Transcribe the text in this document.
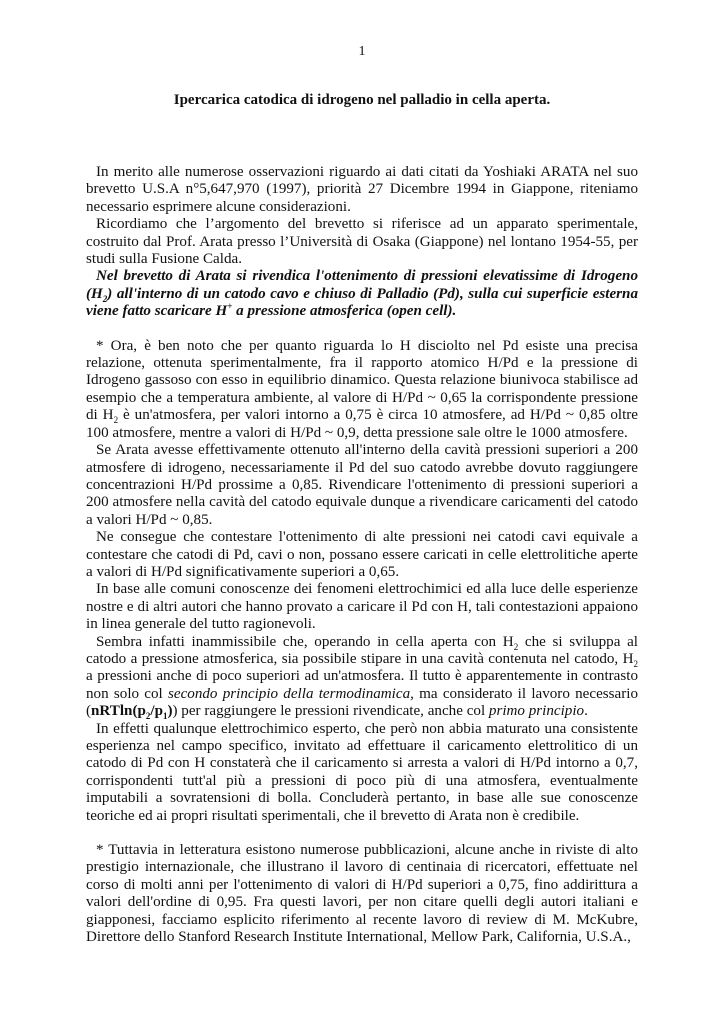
1
Ipercarica catodica di idrogeno nel palladio in cella aperta.

In merito alle numerose osservazioni riguardo ai dati citati da Yoshiaki ARATA nel suo brevetto U.S.A n°5,647,970 (1997), priorità 27 Dicembre 1994 in Giappone, riteniamo necessario esprimere alcune considerazioni.

Ricordiamo che l’argomento del brevetto si riferisce ad un apparato sperimentale, costruito dal Prof. Arata presso l’Università di Osaka (Giappone) nel lontano 1954-55, per studi sulla Fusione Calda.

Nel brevetto di Arata si rivendica l'ottenimento di pressioni elevatissime di Idrogeno $(H_2)$ all'interno di un catodo cavo e chiuso di Palladio (Pd), sulla cui superficie esterna viene fatto scaricare H+ a pressione atmosferica (open cell).

* Ora, è ben noto che per quanto riguarda lo H disciolto nel Pd esiste una precisa relazione, ottenuta sperimentalmente, fra il rapporto atomico H/Pd e la pressione di Idrogeno gassoso con esso in equilibrio dinamico. Questa relazione biunivoca stabilisce ad esempio che a temperatura ambiente, al valore di H/Pd ~ 0,65 la corrispondente pressione di $H_2$ è un'atmosfera, per valori intorno a 0,75 è circa 10 atmosfere, ad H/Pd ~ 0,85 oltre 100 atmosfere, mentre a valori di H/Pd ~ 0,9, detta pressione sale oltre le 1000 atmosfere.

Se Arata avesse effettivamente ottenuto all'interno della cavità pressioni superiori a 200 atmosfere di idrogeno, necessariamente il Pd del suo catodo avrebbe dovuto raggiungere concentrazioni H/Pd prossime a 0,85. Rivendicare l'ottenimento di pressioni superiori a 200 atmosfere nella cavità del catodo equivale dunque a rivendicare caricamenti del catodo a valori H/Pd ~ 0,85.

Ne consegue che contestare l'ottenimento di alte pressioni nei catodi cavi equivale a contestare che catodi di Pd, cavi o non, possano essere caricati in celle elettrolitiche aperte a valori di H/Pd significativamente superiori a 0,65.

In base alle comuni conoscenze dei fenomeni elettrochimici ed alla luce delle esperienze nostre e di altri autori che hanno provato a caricare il Pd con H, tali contestazioni appaiono in linea generale del tutto ragionevoli.

Sembra infatti inammissibile che, operando in cella aperta con $H_2$ che si sviluppa al catodo a pressione atmosferica, sia possibile stipare in una cavità contenuta nel catodo, $H_2$ a pressioni anche di poco superiori ad un'atmosfera. Il tutto è apparentemente in contrasto non solo col secondo principio della termodinamica, ma considerato il lavoro necessario $(nRTln(p_2/p_1))$ per raggiungere le pressioni rivendicate, anche col primo principio.

In effetti qualunque elettrochimico esperto, che però non abbia maturato una consistente esperienza nel campo specifico, invitato ad effettuare il caricamento elettrolitico di un catodo di Pd con H constaterà che il caricamento si arresta a valori di H/Pd intorno a 0,7, corrispondenti tutt'al più a pressioni di poco più di una atmosfera, eventualmente imputabili a sovratensioni di bolla. Concluderà pertanto, in base alle sue conoscenze teoriche ed ai propri risultati sperimentali, che il brevetto di Arata non è credibile.

* Tuttavia in letteratura esistono numerose pubblicazioni, alcune anche in riviste di alto prestigio internazionale, che illustrano il lavoro di centinaia di ricercatori, effettuate nel corso di molti anni per l'ottenimento di valori di H/Pd superiori a 0,75, fino addirittura a valori dell'ordine di 0,95. Fra questi lavori, per non citare quelli degli autori italiani e giapponesi, facciamo esplicito riferimento al recente lavoro di review di M. McKubre, Direttore dello Stanford Research Institute International, Mellow Park, California, U.S.A.,
